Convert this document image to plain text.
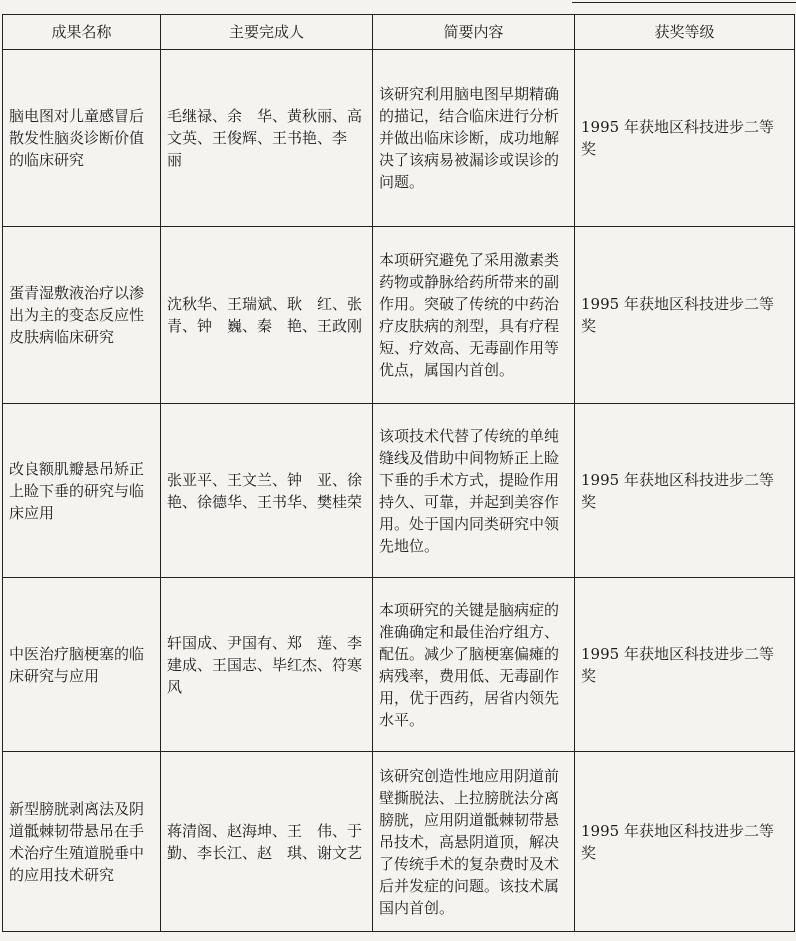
成果名称	主要完成人	简要内容	获奖等级

脑电图对儿童感冒后散发性脑炎诊断价值的临床研究	毛继禄、余　华、黄秋丽、高文英、王俊辉、王书艳、李　丽	该研究利用脑电图早期精确的描记，结合临床进行分析并做出临床诊断，成功地解决了该病易被漏诊或误诊的问题。	1995 年获地区科技进步二等奖

蛋青湿敷液治疗以渗出为主的变态反应性皮肤病临床研究	沈秋华、王瑞斌、耿　红、张　青、钟　巍、秦　艳、王政刚	本项研究避免了采用激素类药物或静脉给药所带来的副作用。突破了传统的中药治疗皮肤病的剂型，具有疗程短、疗效高、无毒副作用等优点，属国内首创。	1995 年获地区科技进步二等奖

改良额肌瓣悬吊矫正上睑下垂的研究与临床应用	张亚平、王文兰、钟　亚、徐　艳、徐德华、王书华、樊桂荣	该项技术代替了传统的单纯缝线及借助中间物矫正上睑下垂的手术方式，提睑作用持久、可靠，并起到美容作用。处于国内同类研究中领先地位。	1995 年获地区科技进步二等奖

中医治疗脑梗塞的临床研究与应用	轩国成、尹国有、郑　莲、李建成、王国志、毕红杰、符寒风	本项研究的关键是脑病症的准确确定和最佳治疗组方、配伍。减少了脑梗塞偏瘫的病残率，费用低、无毒副作用，优于西药，居省内领先水平。	1995 年获地区科技进步二等奖

新型膀胱剥离法及阴道骶棘韧带悬吊在手术治疗生殖道脱垂中的应用技术研究	蒋清阁、赵海坤、王　伟、于　勤、李长江、赵　琪、谢文艺	该研究创造性地应用阴道前壁撕脱法、上拉膀胱法分离膀胱，应用阴道骶棘韧带悬吊技术，高悬阴道顶，解决了传统手术的复杂费时及术后并发症的问题。该技术属国内首创。	1995 年获地区科技进步二等奖
